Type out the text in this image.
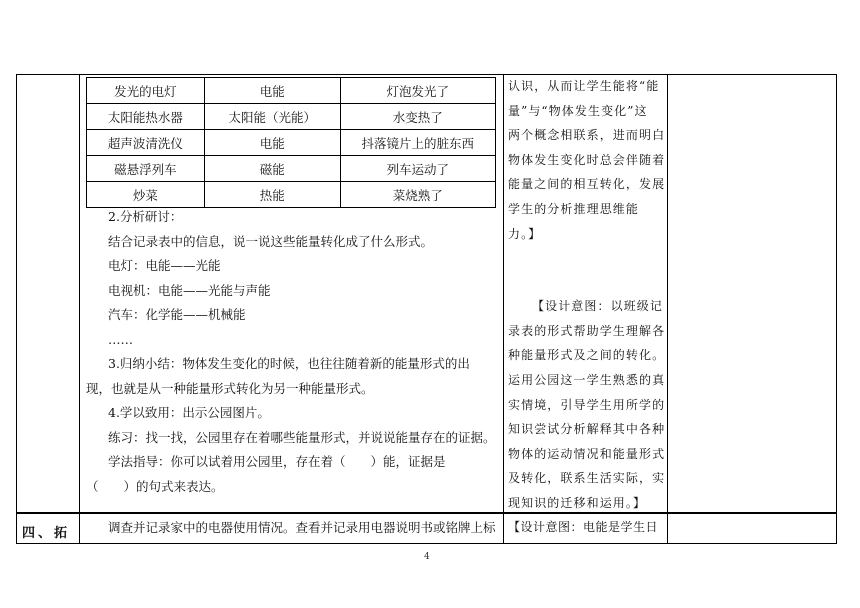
发光的电灯	电能	灯泡发光了
太阳能热水器	太阳能（光能）	水变热了
超声波清洗仪	电能	抖落镜片上的脏东西
磁悬浮列车	磁能	列车运动了
炒菜	热能	菜烧熟了
2.分析研讨：
结合记录表中的信息，说一说这些能量转化成了什么形式。
电灯：电能——光能
电视机：电能——光能与声能
汽车：化学能——机械能
……
3.归纳小结：物体发生变化的时候，也往往随着新的能量形式的出
现，也就是从一种能量形式转化为另一种能量形式。
4.学以致用：出示公园图片。
练习：找一找，公园里存在着哪些能量形式，并说说能量存在的证据。
学法指导：你可以试着用公园里，存在着（　　）能，证据是
（　　）的句式来表达。
认识，从而让学生能将“能
量”与“物体发生变化”这
两个概念相联系，进而明白
物体发生变化时总会伴随着
能量之间的相互转化，发展
学生的分析推理思维能
力。】
【设计意图：以班级记
录表的形式帮助学生理解各
种能量形式及之间的转化。
运用公园这一学生熟悉的真
实情境，引导学生用所学的
知识尝试分析解释其中各种
物体的运动情况和能量形式
及转化，联系生活实际，实
现知识的迁移和运用。】
四、拓	调查并记录家中的电器使用情况。查看并记录用电器说明书或铭牌上标 【设计意图：电能是学生日
4
